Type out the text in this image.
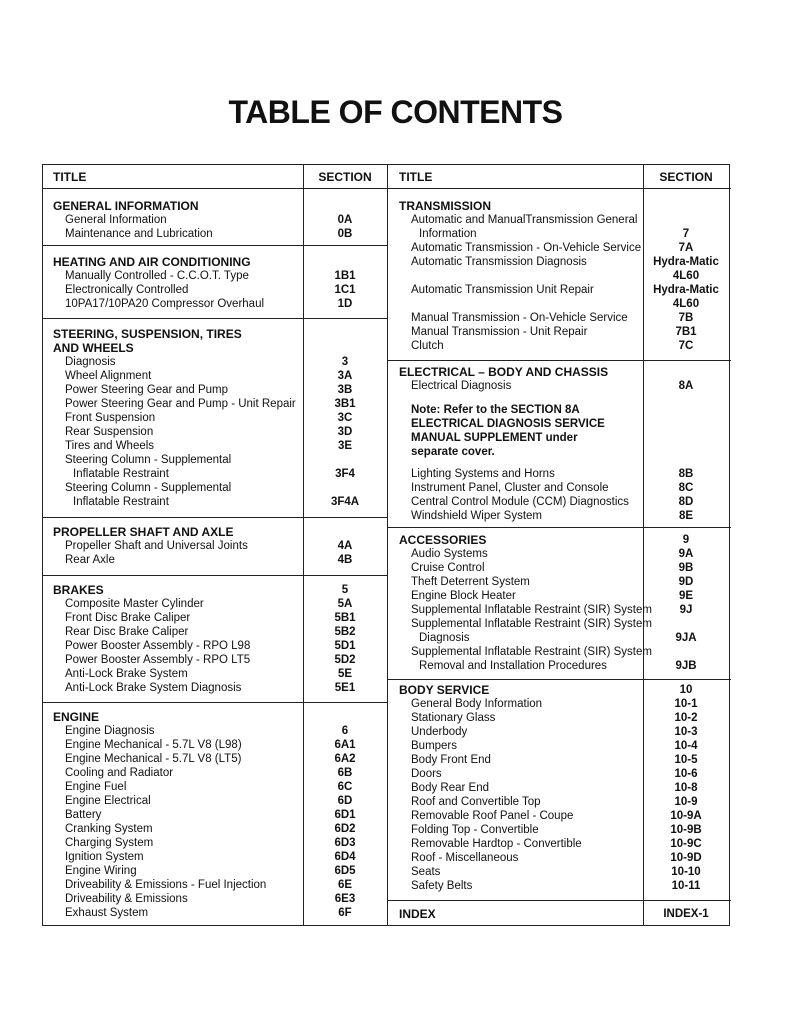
TABLE OF CONTENTS
TITLE	SECTION	TITLE	SECTION
GENERAL INFORMATION
General Information	0A
Maintenance and Lubrication	0B
HEATING AND AIR CONDITIONING
Manually Controlled - C.C.O.T. Type	1B1
Electronically Controlled	1C1
10PA17/10PA20 Compressor Overhaul	1D
STEERING, SUSPENSION, TIRES
AND WHEELS
Diagnosis	3
Wheel Alignment	3A
Power Steering Gear and Pump	3B
Power Steering Gear and Pump - Unit Repair	3B1
Front Suspension	3C
Rear Suspension	3D
Tires and Wheels	3E
Steering Column - Supplemental
Inflatable Restraint	3F4
Steering Column - Supplemental
Inflatable Restraint	3F4A
PROPELLER SHAFT AND AXLE
Propeller Shaft and Universal Joints	4A
Rear Axle	4B
BRAKES	5
Composite Master Cylinder	5A
Front Disc Brake Caliper	5B1
Rear Disc Brake Caliper	5B2
Power Booster Assembly - RPO L98	5D1
Power Booster Assembly - RPO LT5	5D2
Anti-Lock Brake System	5E
Anti-Lock Brake System Diagnosis	5E1
ENGINE
Engine Diagnosis	6
Engine Mechanical - 5.7L V8 (L98)	6A1
Engine Mechanical - 5.7L V8 (LT5)	6A2
Cooling and Radiator	6B
Engine Fuel	6C
Engine Electrical	6D
Battery	6D1
Cranking System	6D2
Charging System	6D3
Ignition System	6D4
Engine Wiring	6D5
Driveability & Emissions - Fuel Injection	6E
Driveability & Emissions	6E3
Exhaust System	6F
TRANSMISSION
Automatic and ManualTransmission General
Information	7
Automatic Transmission - On-Vehicle Service	7A
Automatic Transmission Diagnosis	Hydra-Matic
4L60
Automatic Transmission Unit Repair	Hydra-Matic
4L60
Manual Transmission - On-Vehicle Service	7B
Manual Transmission - Unit Repair	7B1
Clutch	7C
ELECTRICAL – BODY AND CHASSIS
Electrical Diagnosis	8A
Lighting Systems and Horns	8B
Instrument Panel, Cluster and Console	8C
Central Control Module (CCM) Diagnostics	8D
Windshield Wiper System	8E
ACCESSORIES	9
Audio Systems	9A
Cruise Control	9B
Theft Deterrent System	9D
Engine Block Heater	9E
Supplemental Inflatable Restraint (SIR) System	9J
Supplemental Inflatable Restraint (SIR) System
Diagnosis	9JA
Supplemental Inflatable Restraint (SIR) System
Removal and Installation Procedures	9JB
BODY SERVICE	10
General Body Information	10-1
Stationary Glass	10-2
Underbody	10-3
Bumpers	10-4
Body Front End	10-5
Doors	10-6
Body Rear End	10-8
Roof and Convertible Top	10-9
Removable Roof Panel - Coupe	10-9A
Folding Top - Convertible	10-9B
Removable Hardtop - Convertible	10-9C
Roof - Miscellaneous	10-9D
Seats	10-10
Safety Belts	10-11
INDEX	INDEX-1
Note: Refer to the SECTION 8A
ELECTRICAL DIAGNOSIS SERVICE
MANUAL SUPPLEMENT under
separate cover.
